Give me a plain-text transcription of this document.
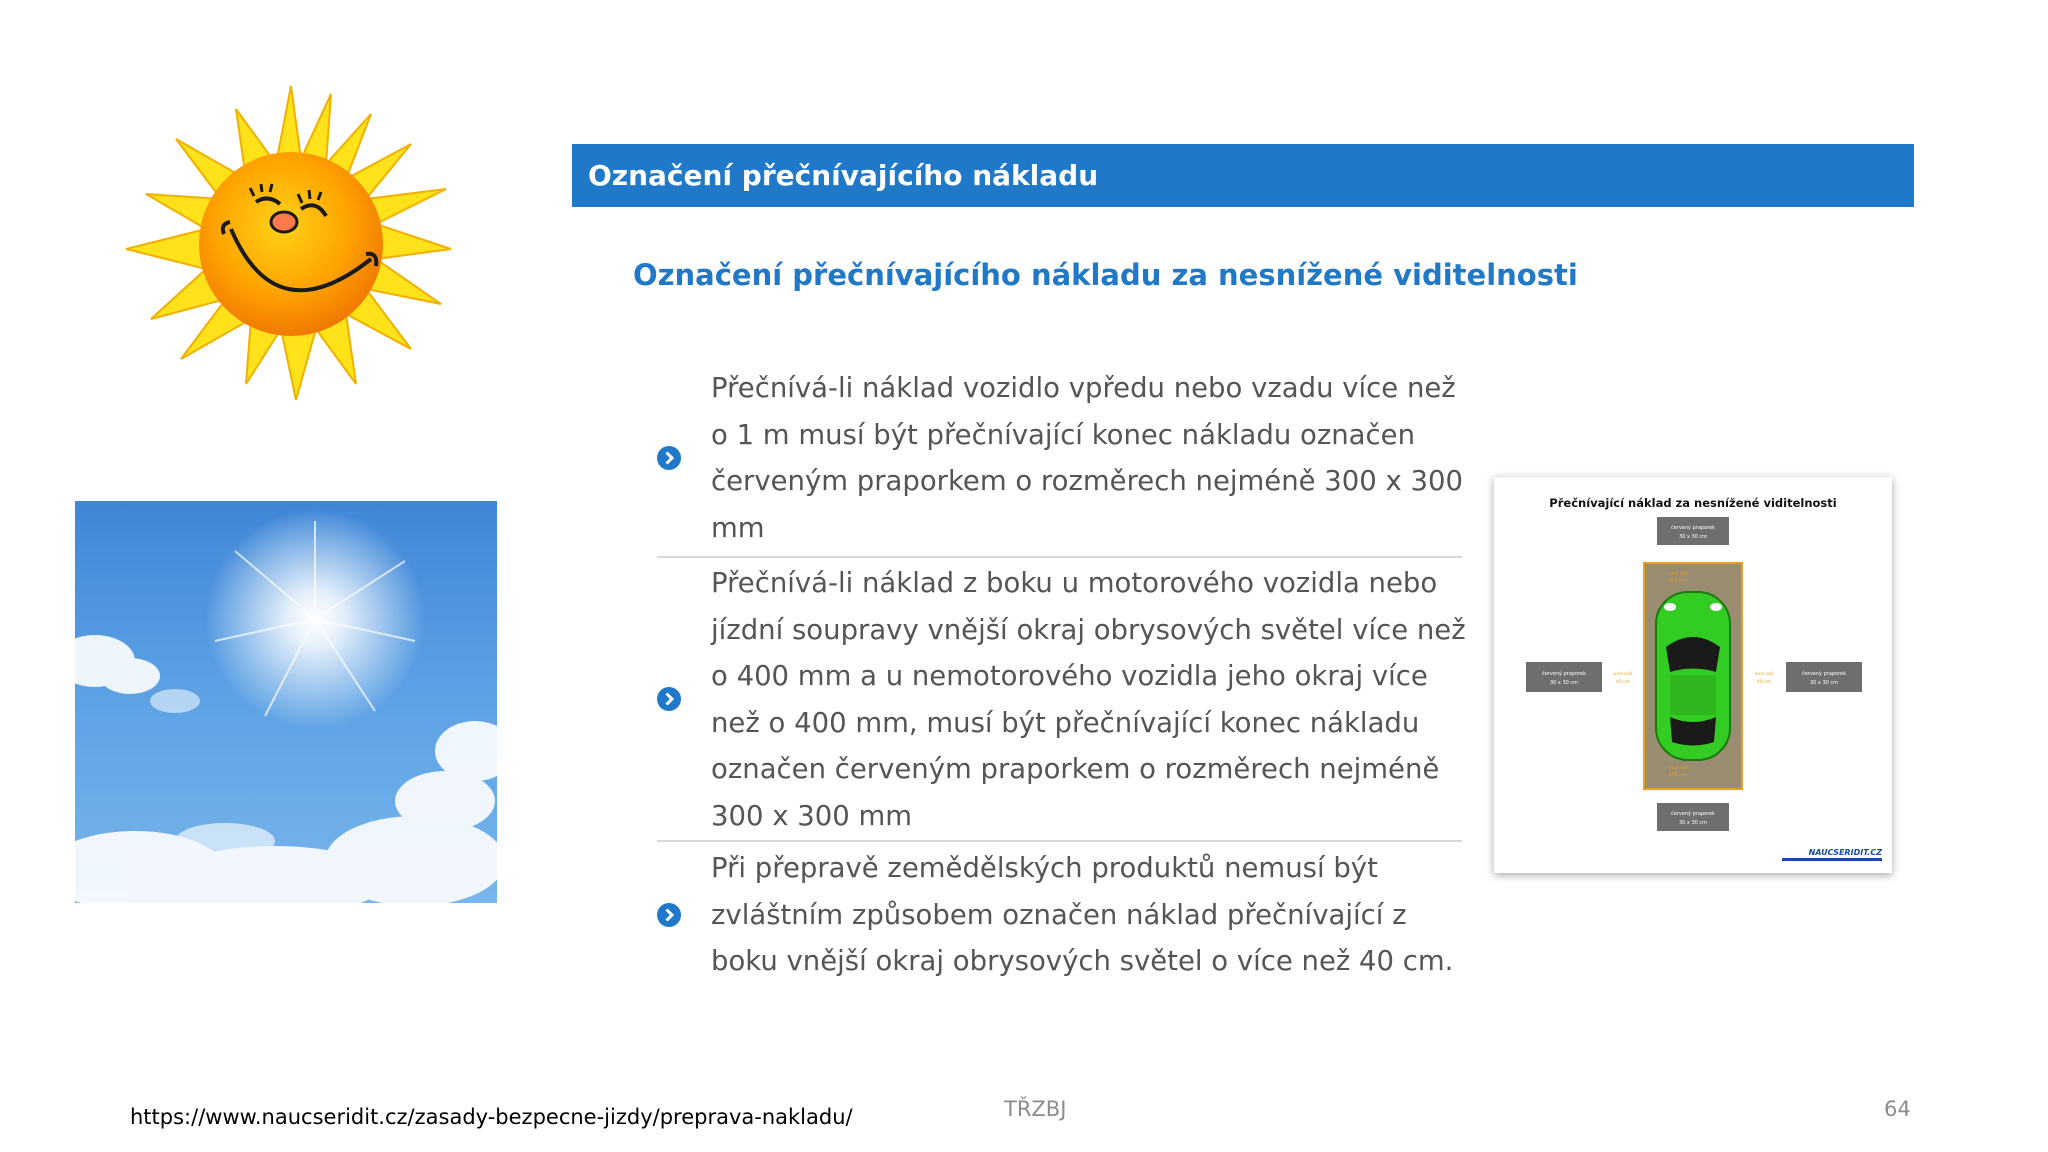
Označení přečnívajícího nákladu
Označení přečnívajícího nákladu za nesnížené viditelnosti
Přečnívá-li náklad vozidlo vpředu nebo vzadu více než o 1 m musí být přečnívající konec nákladu označen červeným praporkem o rozměrech nejméně 300 x 300 mm
Přečnívá-li náklad z boku u motorového vozidla nebo jízdní soupravy vnější okraj obrysových světel více než o 400 mm a u nemotorového vozidla jeho okraj více než o 400 mm, musí být přečnívající konec nákladu označen červeným praporkem o rozměrech nejméně 300 x 300 mm
Při přepravě zemědělských produktů nemusí být zvláštním způsobem označen náklad přečnívající z boku vnější okraj obrysových světel o více než 40 cm.
Přečnívající náklad za nesnížené viditelnosti
červený praporek
30 x 30 cm
více než
100 cm
více než
100 cm
červený praporek
30 x 30 cm
více než
40 cm
červený praporek
30 x 30 cm
více než
40 cm
červený praporek
30 x 30 cm
NAUCSERIDIT.CZ
https://www.naucseridit.cz/zasady-bezpecne-jizdy/preprava-nakladu/	TŘZBJ	64
